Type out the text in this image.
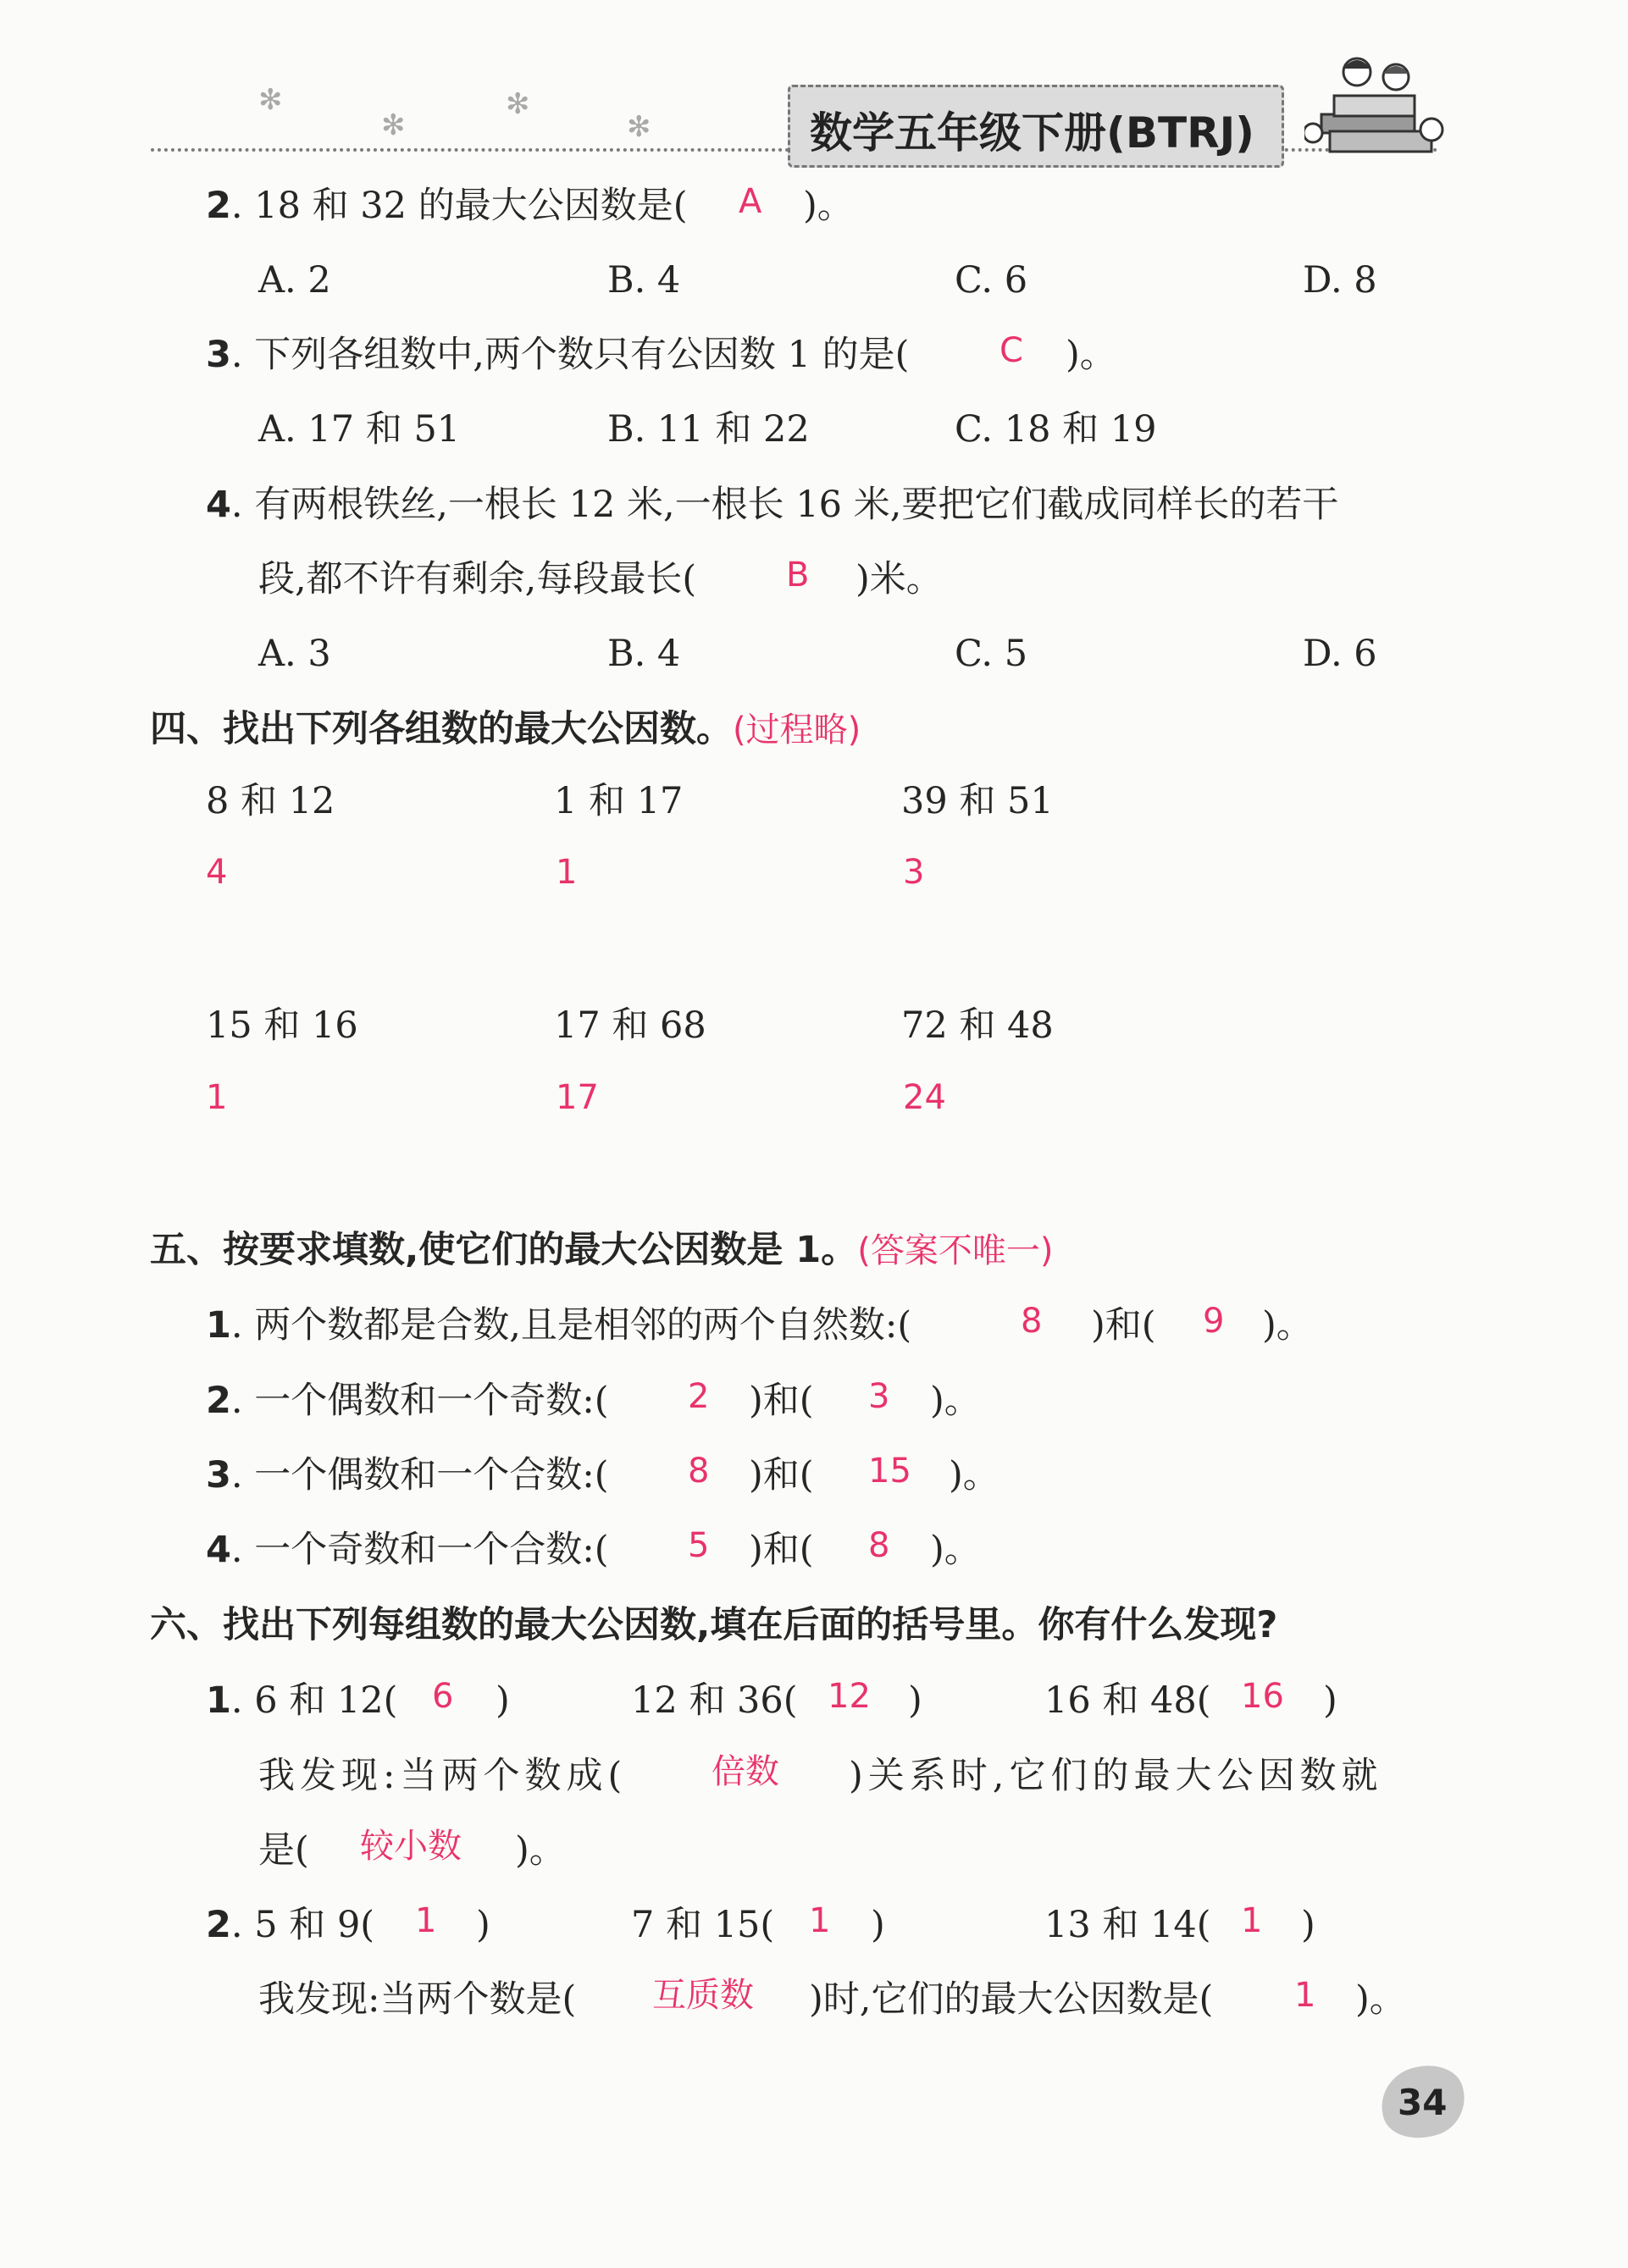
✻
✻
✻
✻	数学五年级下册(BTRJ)
2. 18 和 32 的最大公因数是( A )。
A. 2	B. 4	C. 6	D. 8
3. 下列各组数中,两个数只有公因数 1 的是(	C )。
A. 17 和 51	B. 11 和 22	C. 18 和 19
4. 有两根铁丝,一根长 12 米,一根长 16 米,要把它们截成同样长的若干
段,都不许有剩余,每段最长(	B )米。
A. 3	B. 4	C. 5	D. 6
四、找出下列各组数的最大公因数。(过程略)
8 和 12	1 和 17	39 和 51
4	1	3
15 和 16	17 和 68	72 和 48
1	17	24
五、按要求填数,使它们的最大公因数是 1。(答案不唯一)
1. 两个数都是合数,且是相邻的两个自然数:(	8 )和( 9 )。
2. 一个偶数和一个奇数:( 2 )和( 3 )。
3. 一个偶数和一个合数:( 8 )和( 15 )。
4. 一个奇数和一个合数:( 5 )和( 8 )。
六、找出下列每组数的最大公因数,填在后面的括号里。你有什么发现?
1. 6 和 12( 6 )	12 和 36( 12 )	16 和 48( 16 )
我发现:当两个数成( 倍数 )关系时,它们的最大公因数就
是( 较小数 )。
2. 5 和 9( 1 )	7 和 15( 1 )	13 和 14( 1 )
我发现:当两个数是( 互质数 )时,它们的最大公因数是( 1 )。
34
